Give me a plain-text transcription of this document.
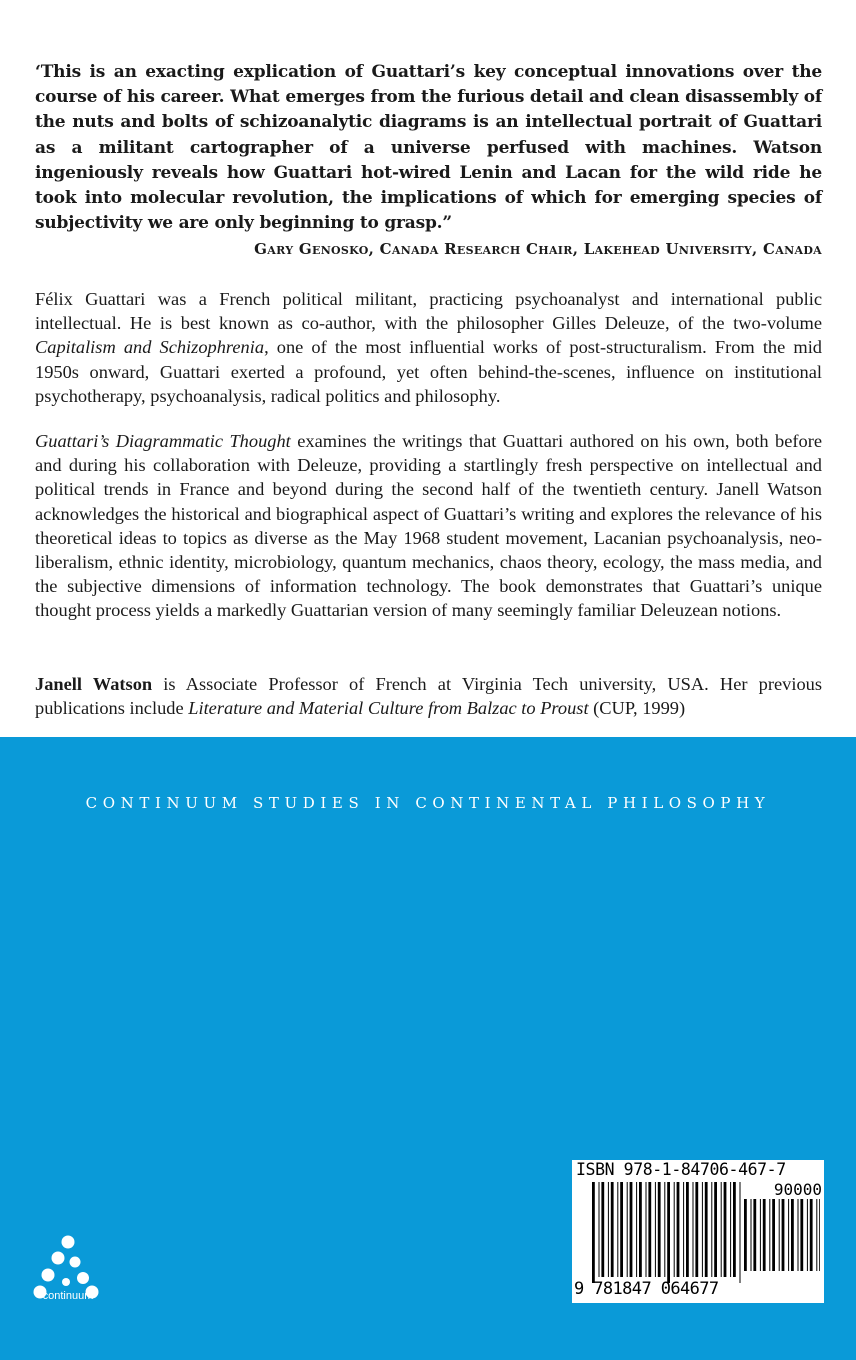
‘This is an exacting explication of Guattari’s key conceptual innovations over the course of his career. What emerges from the furious detail and clean disassembly of the nuts and bolts of schizoanalytic diagrams is an intellectual portrait of Guattari as a militant cartographer of a universe perfused with machines. Watson ingeniously reveals how Guattari hot-wired Lenin and Lacan for the wild ride he took into molecular revolution, the implications of which for emerging species of subjectivity we are only beginning to grasp.”
Gary Genosko, Canada Research Chair, Lakehead University, Canada
Félix Guattari was a French political militant, practicing psychoanalyst and international public intellectual. He is best known as co-author, with the philosopher Gilles Deleuze, of the two-volume Capitalism and Schizophrenia, one of the most influential works of post-structuralism. From the mid 1950s onward, Guattari exerted a profound, yet often behind-the-scenes, influence on institutional psychotherapy, psychoanalysis, radical politics and philosophy.
Guattari’s Diagrammatic Thought examines the writings that Guattari authored on his own, both before and during his collaboration with Deleuze, providing a startlingly fresh perspective on intellectual and political trends in France and beyond during the second half of the twentieth century. Janell Watson acknowledges the historical and biographical aspect of Guattari’s writing and explores the relevance of his theoretical ideas to topics as diverse as the May 1968 student movement, Lacanian psychoanalysis, neo-liberalism, ethnic identity, microbiology, quantum mechanics, chaos theory, ecology, the mass media, and the subjective dimensions of information technology. The book demonstrates that Guattari’s unique thought process yields a markedly Guattarian version of many seemingly familiar Deleuzean notions.
Janell Watson is Associate Professor of French at Virginia Tech university, USA. Her previous publications include Literature and Material Culture from Balzac to Proust (CUP, 1999)
CONTINUUM STUDIES IN CONTINENTAL PHILOSOPHY
continuum
ISBN 978-1-84706-467-7
90000
9 781847 064677
